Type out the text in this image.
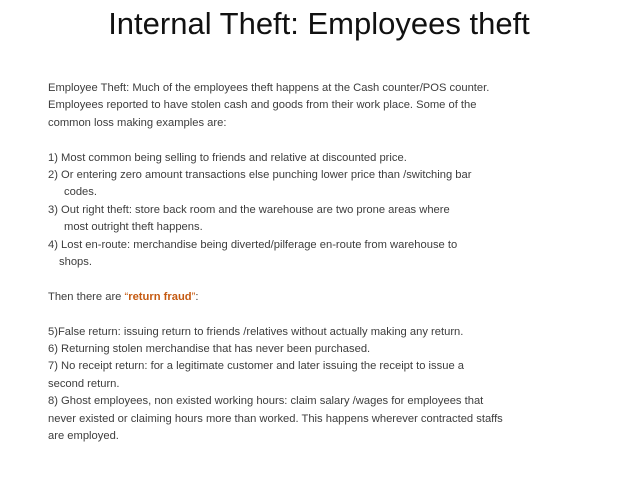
Internal Theft: Employees theft

Employee Theft: Much of the employees theft happens at the Cash counter/POS counter.

Employees reported to have stolen cash and goods from their work place. Some of the

common loss making examples are:

1) Most common being selling to friends and relative at discounted price.

2) Or entering zero amount transactions else punching lower price than /switching bar

codes.

3) Out right theft: store back room and the warehouse are two prone areas where

most outright theft happens.

4) Lost en-route: merchandise being diverted/pilferage en-route from warehouse to

shops.

Then there are “return fraud”:

5)False return: issuing return to friends /relatives without actually making any return.

6) Returning stolen merchandise that has never been purchased.

7) No receipt return: for a legitimate customer and later issuing the receipt to issue a

second return.

8) Ghost employees, non existed working hours: claim salary /wages for employees that

never existed or claiming hours more than worked. This happens wherever contracted staffs

are employed.
